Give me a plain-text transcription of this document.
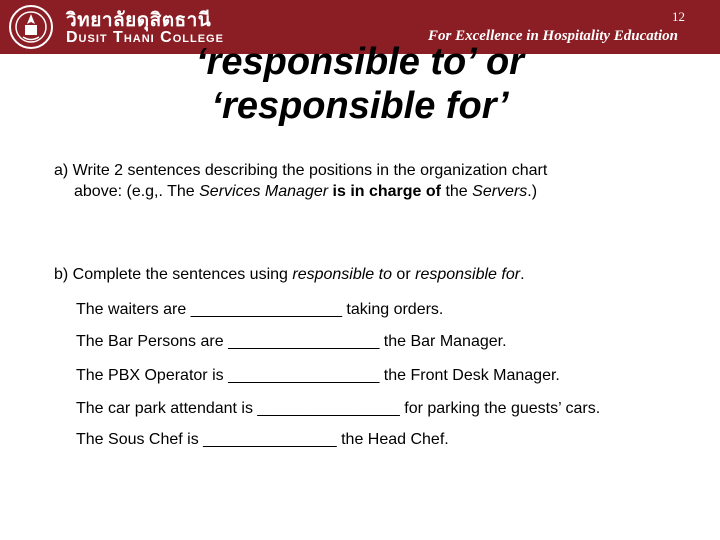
วิทยาลัยดุสิตธานี
Dusit Thani College	For Excellence in Hospitality Education
12
‘responsible to’ or
‘responsible for’

a) Write 2 sentences describing the positions in the organization chart
above: (e.g,. The Services Manager is in charge of the Servers.)

b) Complete the sentences using responsible to or responsible for.

The waiters are _________________ taking orders.

The Bar Persons are _________________ the Bar Manager.

The PBX Operator is _________________ the Front Desk Manager.

The car park attendant is ________________ for parking the guests’ cars.

The Sous Chef is _______________ the Head Chef.
